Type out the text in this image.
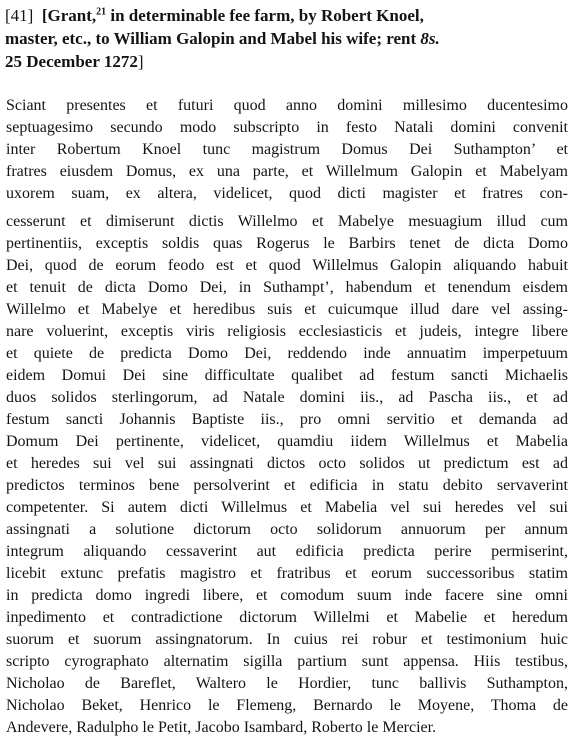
[41] [Grant,$^{21}$ in determinable fee farm, by Robert Knoel,
master, etc., to William Galopin and Mabel his wife; rent 8s.
25 December 1272]
Sciant presentes et futuri quod anno domini millesimo ducentesimo
septuagesimo secundo modo subscripto in festo Natali domini convenit
inter Robertum Knoel tunc magistrum Domus Dei Suthampton’ et
fratres eiusdem Domus, ex una parte, et Willelmum Galopin et Mabelyam
uxorem suam, ex altera, videlicet, quod dicti magister et fratres con-
cesserunt et dimiserunt dictis Willelmo et Mabelye mesuagium illud cum
pertinentiis, exceptis soldis quas Rogerus le Barbirs tenet de dicta Domo
Dei, quod de eorum feodo est et quod Willelmus Galopin aliquando habuit
et tenuit de dicta Domo Dei, in Suthampt’, habendum et tenendum eisdem
Willelmo et Mabelye et heredibus suis et cuicumque illud dare vel assing-
nare voluerint, exceptis viris religiosis ecclesiasticis et judeis, integre libere
et quiete de predicta Domo Dei, reddendo inde annuatim imperpetuum
eidem Domui Dei sine difficultate qualibet ad festum sancti Michaelis
duos solidos sterlingorum, ad Natale domini iis., ad Pascha iis., et ad
festum sancti Johannis Baptiste iis., pro omni servitio et demanda ad
Domum Dei pertinente, videlicet, quamdiu iidem Willelmus et Mabelia
et heredes sui vel sui assingnati dictos octo solidos ut predictum est ad
predictos terminos bene persolverint et edificia in statu debito servaverint
competenter. Si autem dicti Willelmus et Mabelia vel sui heredes vel sui
assingnati a solutione dictorum octo solidorum annuorum per annum
integrum aliquando cessaverint aut edificia predicta perire permiserint,
licebit extunc prefatis magistro et fratribus et eorum successoribus statim
in predicta domo ingredi libere, et comodum suum inde facere sine omni
inpedimento et contradictione dictorum Willelmi et Mabelie et heredum
suorum et suorum assingnatorum. In cuius rei robur et testimonium huic
scripto cyrographato alternatim sigilla partium sunt appensa. Hiis testibus,
Nicholao de Bareflet, Waltero le Hordier, tunc ballivis Suthampton,
Nicholao Beket, Henrico le Flemeng, Bernardo le Moyene, Thoma de
Andevere, Radulpho le Petit, Jacobo Isambard, Roberto le Mercier.
